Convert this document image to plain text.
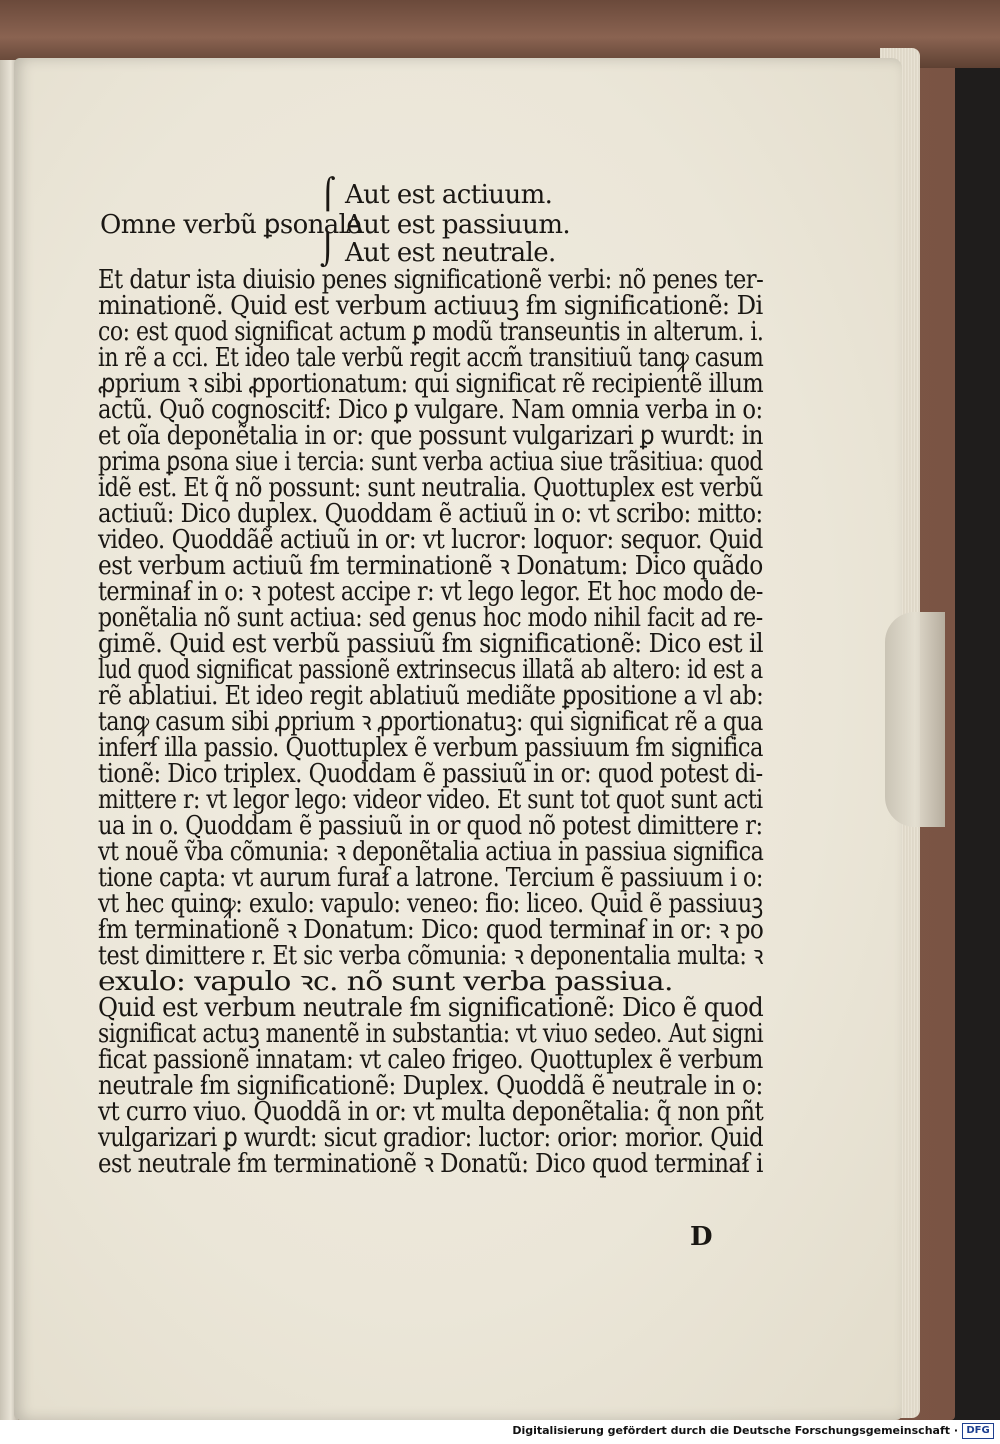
Aut est actiuum.
Omne verbũ ꝑsonale
Aut est passiuum.
Aut est neutrale.
⌠
⌡
Et datur ista diuisio penes significationẽ verbi: nõ penes ter-
minationẽ. Quid est verbum actiuuꝫ ẜm significationẽ: Di
co: est quod significat actum ꝑ modũ transeuntis in alterum. i.
in rẽ a cci. Et ideo tale verbũ regit accm̃ transitiuũ tanꝙ casum
ꝓprium ꝛ sibi ꝓportionatum: qui significat rẽ recipientẽ illum
actũ. Quõ cognoscitẜ: Dico ꝑ vulgare. Nam omnia verba in o:
et oĩa deponẽtalia in or: que possunt vulgarizari ꝑ wurdt: in
prima ꝑsona siue i tercia: sunt verba actiua siue trãsitiua: quod
idẽ est. Et q̃ nõ possunt: sunt neutralia. Quottuplex est verbũ
actiuũ: Dico duplex. Quoddam ẽ actiuũ in o: vt scribo: mitto:
video. Quoddãẽ actiuũ in or: vt lucror: loquor: sequor. Quid
est verbum actiuũ ẜm terminationẽ ꝛ Donatum: Dico quãdo
terminaẜ in o: ꝛ potest accipe r: vt lego legor. Et hoc modo de-
ponẽtalia nõ sunt actiua: sed genus hoc modo nihil facit ad re-
gimẽ. Quid est verbũ passiuũ ẜm significationẽ: Dico est il
lud quod significat passionẽ extrinsecus illatã ab altero: id est a
rẽ ablatiui. Et ideo regit ablatiuũ mediãte ꝑpositione a vl ab:
tanꝙ casum sibi ꝓprium ꝛ ꝓportionatuꝫ: qui significat rẽ a qua
inferẜ illa passio. Quottuplex ẽ verbum passiuum ẜm significa
tionẽ: Dico triplex. Quoddam ẽ passiuũ in or: quod potest di-
mittere r: vt legor lego: videor video. Et sunt tot quot sunt acti
ua in o. Quoddam ẽ passiuũ in or quod nõ potest dimittere r:
vt nouẽ ṽba cõmunia: ꝛ deponẽtalia actiua in passiua significa
tione capta: vt aurum furaẜ a latrone. Tercium ẽ passiuum i o:
vt hec quinꝙ: exulo: vapulo: veneo: fio: liceo. Quid ẽ passiuuꝫ
ẜm terminationẽ ꝛ Donatum: Dico: quod terminaẜ in or: ꝛ po
test dimittere r. Et sic verba cõmunia: ꝛ deponentalia multa: ꝛ
exulo: vapulo ꝛc. nõ sunt verba passiua.
Quid est verbum neutrale ẜm significationẽ: Dico ẽ quod
significat actuꝫ manentẽ in substantia: vt viuo sedeo. Aut signi
ficat passionẽ innatam: vt caleo frigeo. Quottuplex ẽ verbum
neutrale ẜm significationẽ: Duplex. Quoddã ẽ neutrale in o:
vt curro viuo. Quoddã in or: vt multa deponẽtalia: q̃ non pñt
vulgarizari ꝑ wurdt: sicut gradior: luctor: orior: morior. Quid
est neutrale ẜm terminationẽ ꝛ Donatũ: Dico quod terminaẜ i
D
Digitalisierung gefördert durch die Deutsche Forschungsgemeinschaft · DFG
